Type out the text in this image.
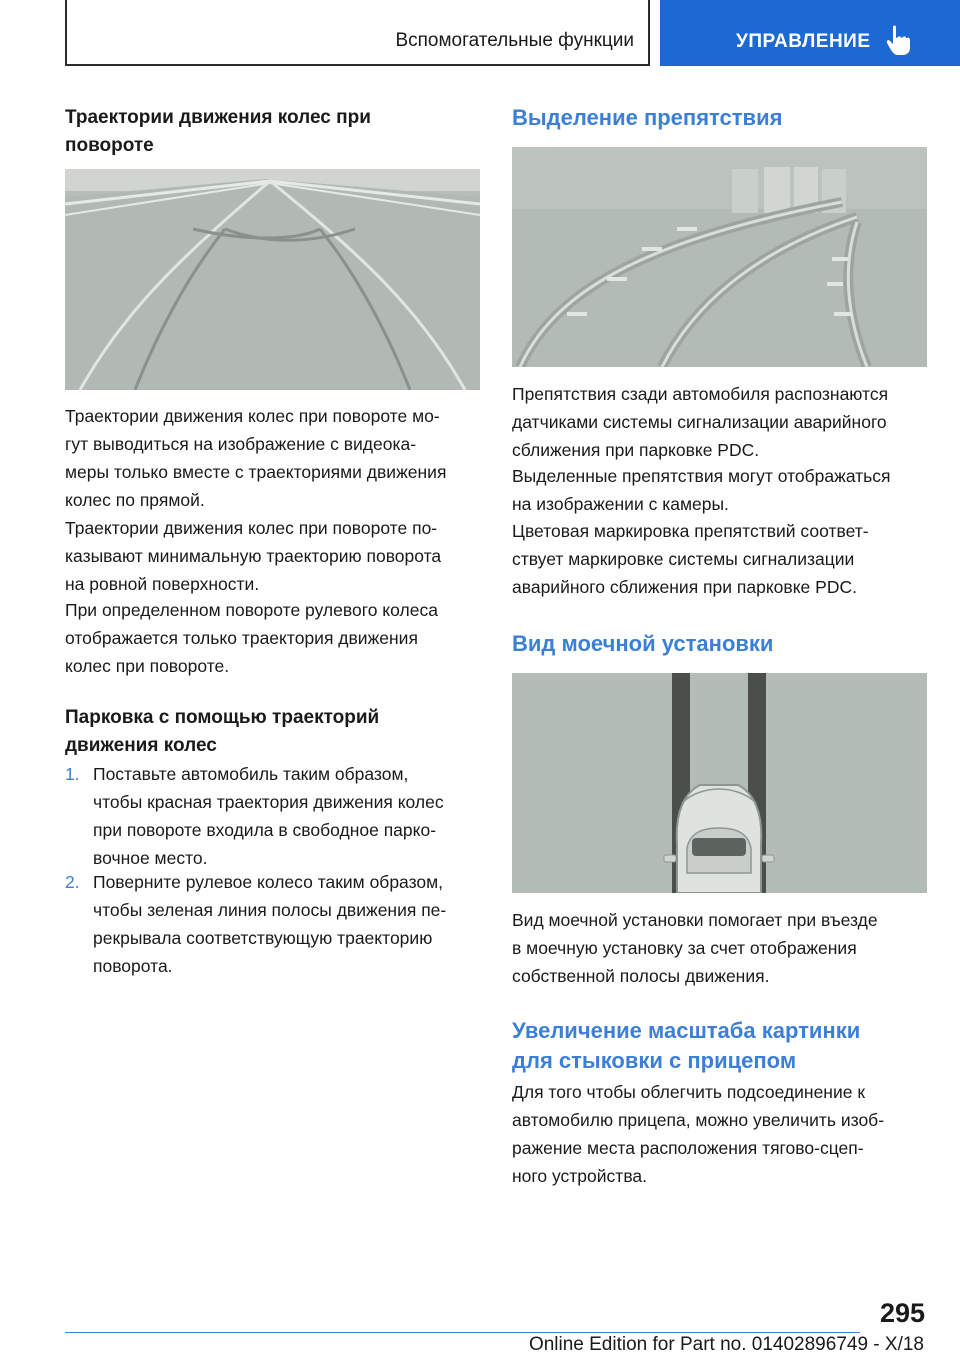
Вспомогательные функции	УПРАВЛЕНИЕ
Траектории движения колес при
повороте
Траектории движения колес при повороте мо-
гут выводиться на изображение с видеока-
меры только вместе с траекториями движения
колес по прямой.
Траектории движения колес при повороте по-
казывают минимальную траекторию поворота
на ровной поверхности.
При определенном повороте рулевого колеса
отображается только траектория движения
колес при повороте.
Парковка с помощью траекторий
движения колес
1. Поставьте автомобиль таким образом,
чтобы красная траектория движения колес
при повороте входила в свободное парко-
вочное место.
2. Поверните рулевое колесо таким образом,
чтобы зеленая линия полосы движения пе-
рекрывала соответствующую траекторию
поворота.
Выделение препятствия
Препятствия сзади автомобиля распознаются
датчиками системы сигнализации аварийного
сближения при парковке PDC.
Выделенные препятствия могут отображаться
на изображении с камеры.
Цветовая маркировка препятствий соответ-
ствует маркировке системы сигнализации
аварийного сближения при парковке PDC.
Вид моечной установки
Вид моечной установки помогает при въезде
в моечную установку за счет отображения
собственной полосы движения.
Увеличение масштаба картинки
для стыковки с прицепом
Для того чтобы облегчить подсоединение к
автомобилю прицепа, можно увеличить изоб-
ражение места расположения тягово-сцеп-
ного устройства.
295
Online Edition for Part no. 01402896749 - X/18
